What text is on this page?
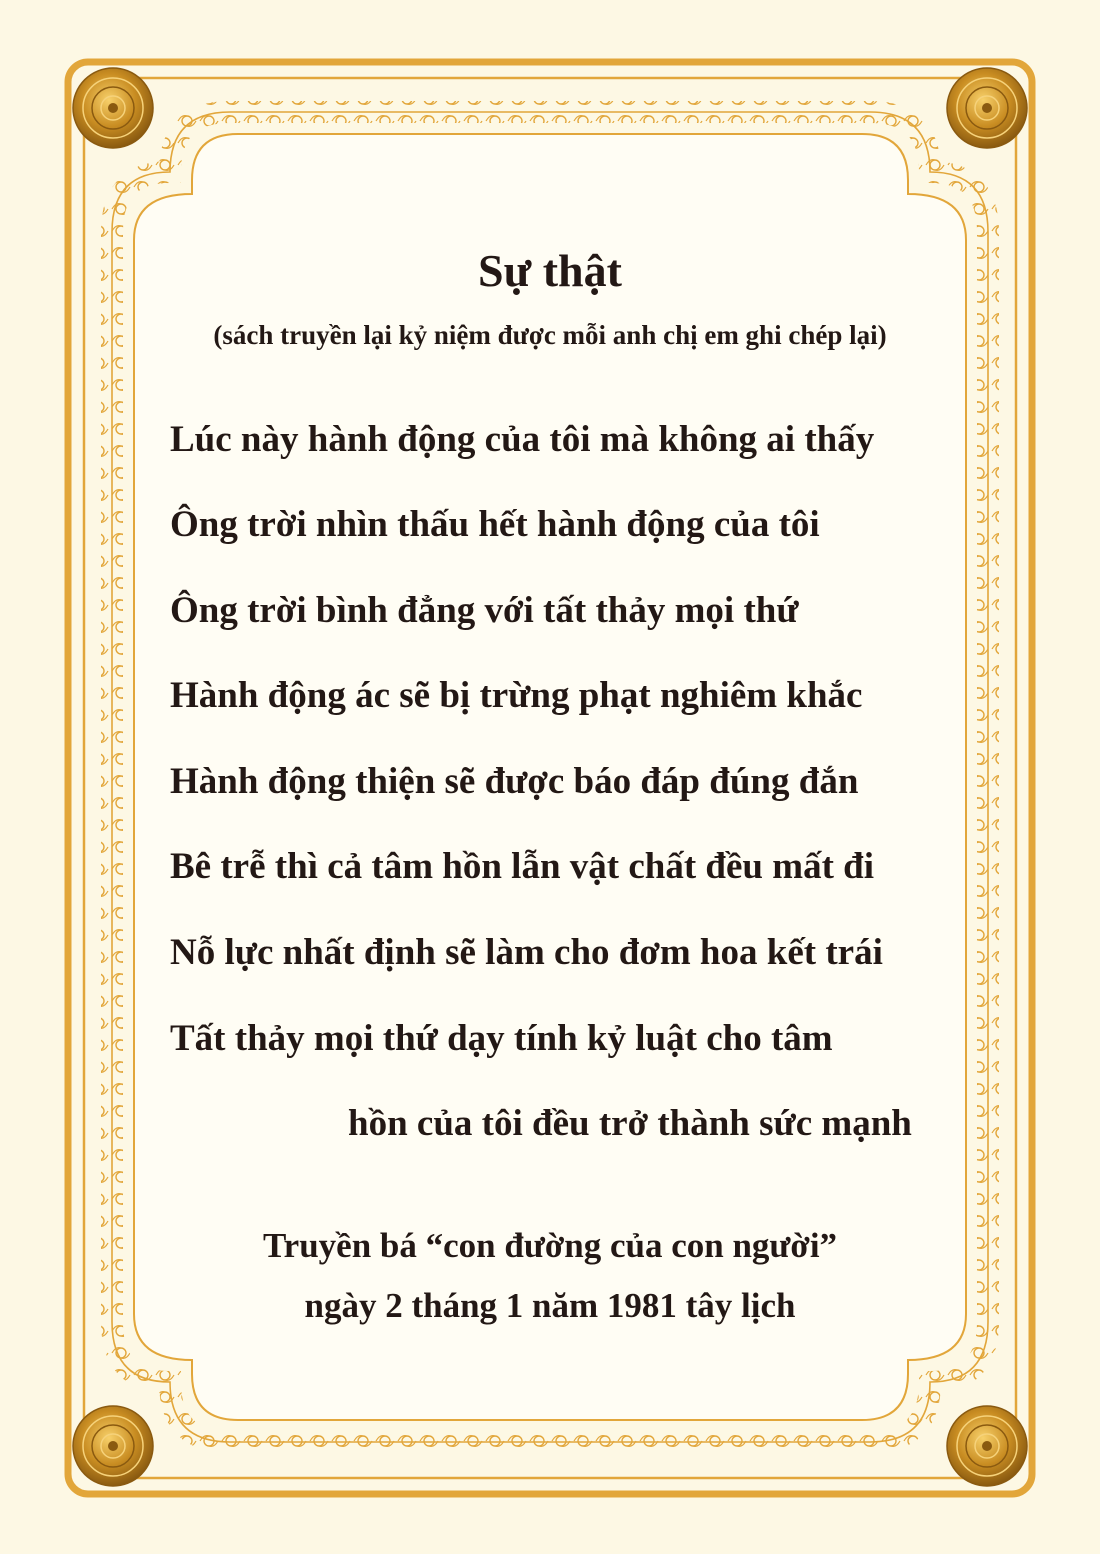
Sự thật

(sách truyền lại kỷ niệm được mỗi anh chị em ghi chép lại)

Lúc này hành động của tôi mà không ai thấy

Ông trời nhìn thấu hết hành động của tôi

Ông trời bình đẳng với tất thảy mọi thứ

Hành động ác sẽ bị trừng phạt nghiêm khắc

Hành động thiện sẽ được báo đáp đúng đắn

Bê trễ thì cả tâm hồn lẫn vật chất đều mất đi

Nỗ lực nhất định sẽ làm cho đơm hoa kết trái

Tất thảy mọi thứ dạy tính kỷ luật cho tâm

hồn của tôi đều trở thành sức mạnh

Truyền bá “con đường của con người”

ngày 2 tháng 1 năm 1981 tây lịch
